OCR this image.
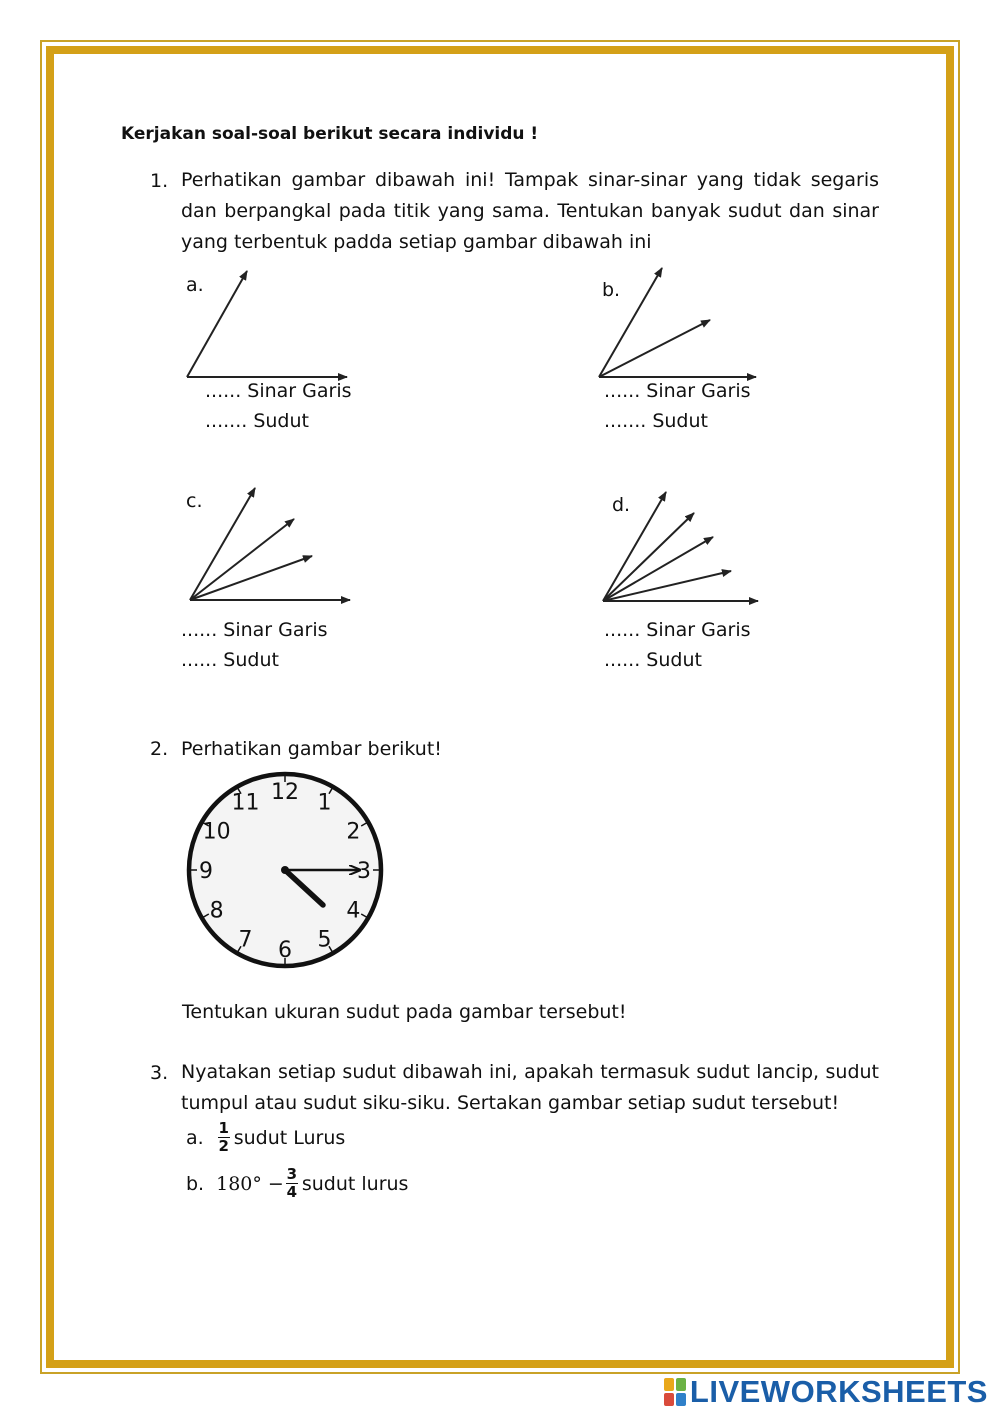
Kerjakan soal-soal berikut secara individu !
1. Perhatikan gambar dibawah ini! Tampak sinar-sinar yang tidak segaris dan berpangkal pada titik yang sama. Tentukan banyak sudut dan sinar yang terbentuk padda setiap gambar dibawah ini
a.
...... Sinar Garis
....... Sudut
b.
...... Sinar Garis
....... Sudut
c.
...... Sinar Garis
...... Sudut
d.
...... Sinar Garis
...... Sudut
2. Perhatikan gambar berikut!
12 1
2
3
4
5
6
7
8
9
10
11
Tentukan ukuran sudut pada gambar tersebut!
3. Nyatakan setiap sudut dibawah ini, apakah termasuk sudut lancip, sudut tumpul atau sudut siku-siku. Sertakan gambar setiap sudut tersebut!
a. $\frac{1}{2}$ sudut Lurus
b. $180^\circ - \frac{3}{4}$ sudut lurus
LIVEWORKSHEETS
